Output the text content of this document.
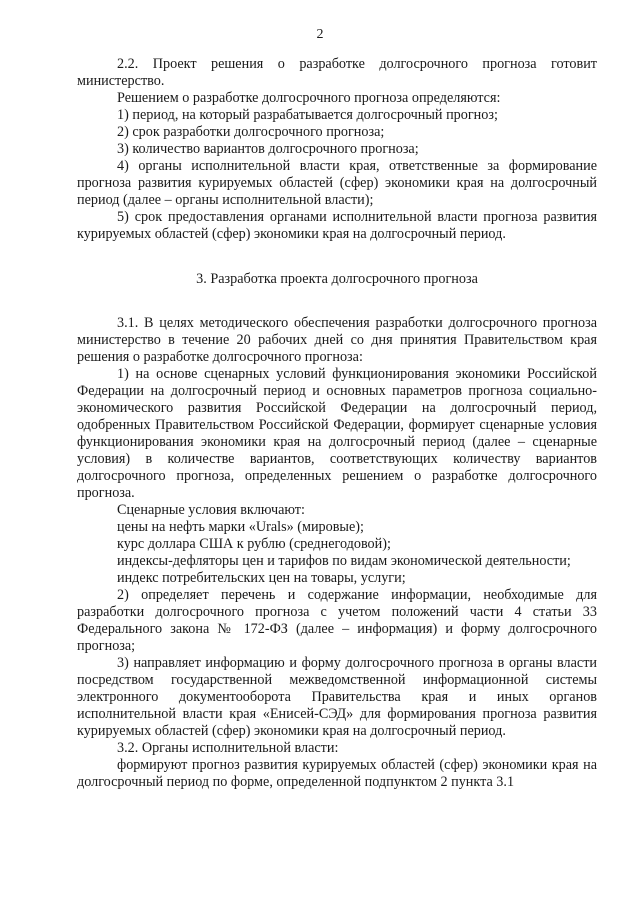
2

2.2. Проект решения о разработке долгосрочного прогноза готовит министерство.

Решением о разработке долгосрочного прогноза определяются:

1) период, на который разрабатывается долгосрочный прогноз;

2) срок разработки долгосрочного прогноза;

3) количество вариантов долгосрочного прогноза;

4) органы исполнительной власти края, ответственные за формирование прогноза развития курируемых областей (сфер) экономики края на долгосрочный период (далее – органы исполнительной власти);

5) срок предоставления органами исполнительной власти прогноза развития курируемых областей (сфер) экономики края на долгосрочный период.

3. Разработка проекта долгосрочного прогноза

3.1. В целях методического обеспечения разработки долгосрочного прогноза министерство в течение 20 рабочих дней со дня принятия Правительством края решения о разработке долгосрочного прогноза:

1) на основе сценарных условий функционирования экономики Российской Федерации на долгосрочный период и основных параметров прогноза социально-экономического развития Российской Федерации на долгосрочный период, одобренных Правительством Российской Федерации, формирует сценарные условия функционирования экономики края на долгосрочный период (далее – сценарные условия) в количестве вариантов, соответствующих количеству вариантов долгосрочного прогноза, определенных решением о разработке долгосрочного прогноза.

Сценарные условия включают:

цены на нефть марки «Urals» (мировые);

курс доллара США к рублю (среднегодовой);

индексы-дефляторы цен и тарифов по видам экономической деятельности;

индекс потребительских цен на товары, услуги;

2) определяет перечень и содержание информации, необходимые для разработки долгосрочного прогноза с учетом положений части 4 статьи 33 Федерального закона № 172-ФЗ (далее – информация) и форму долгосрочного прогноза;

3) направляет информацию и форму долгосрочного прогноза в органы власти посредством государственной межведомственной информационной системы электронного документооборота Правительства края и иных органов исполнительной власти края «Енисей-СЭД» для формирования прогноза развития курируемых областей (сфер) экономики края на долгосрочный период.

3.2. Органы исполнительной власти:

формируют прогноз развития курируемых областей (сфер) экономики края на долгосрочный период по форме, определенной подпунктом 2 пункта 3.1
